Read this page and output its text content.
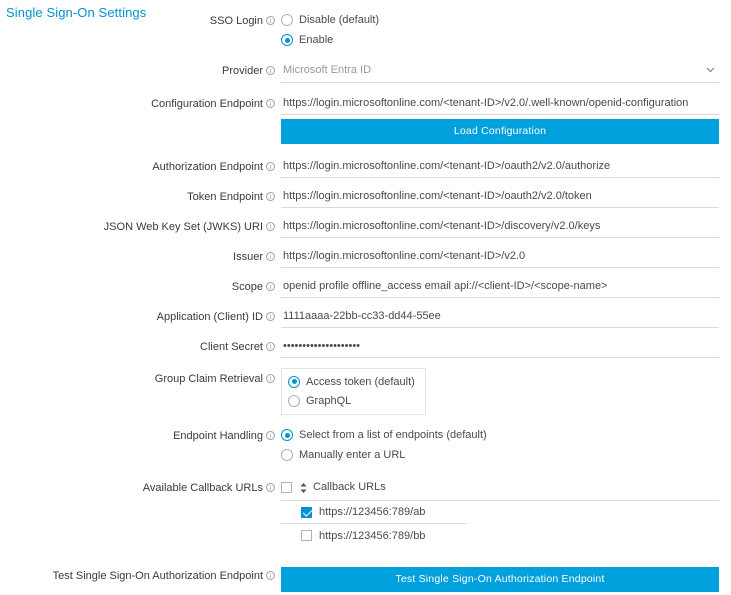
Single Sign-On Settings
SSO Login i	Disable (default)
Enable
Provider i
Microsoft Entra ID
Configuration Endpoint i
https://login.microsoftonline.com/<tenant-ID>/v2.0/.well-known/openid-configuration
Load Configuration
Authorization Endpoint i
https://login.microsoftonline.com/<tenant-ID>/oauth2/v2.0/authorize
Token Endpoint i
https://login.microsoftonline.com/<tenant-ID>/oauth2/v2.0/token
JSON Web Key Set (JWKS) URI i
https://login.microsoftonline.com/<tenant-ID>/discovery/v2.0/keys
Issuer i
https://login.microsoftonline.com/<tenant-ID>/v2.0
Scope i
openid profile offline_access email api://<client-ID>/<scope-name>
Application (Client) ID i
1111aaaa-22bb-cc33-dd44-55ee
Client Secret i
••••••••••••••••••••
Group Claim Retrieval i	Access token (default)
GraphQL
Endpoint Handling i	Select from a list of endpoints (default)
Manually enter a URL
Available Callback URLs i	Callback URLs
https://123456:789/ab
https://123456:789/bb
Test Single Sign-On Authorization Endpoint i	Test Single Sign-On Authorization Endpoint
